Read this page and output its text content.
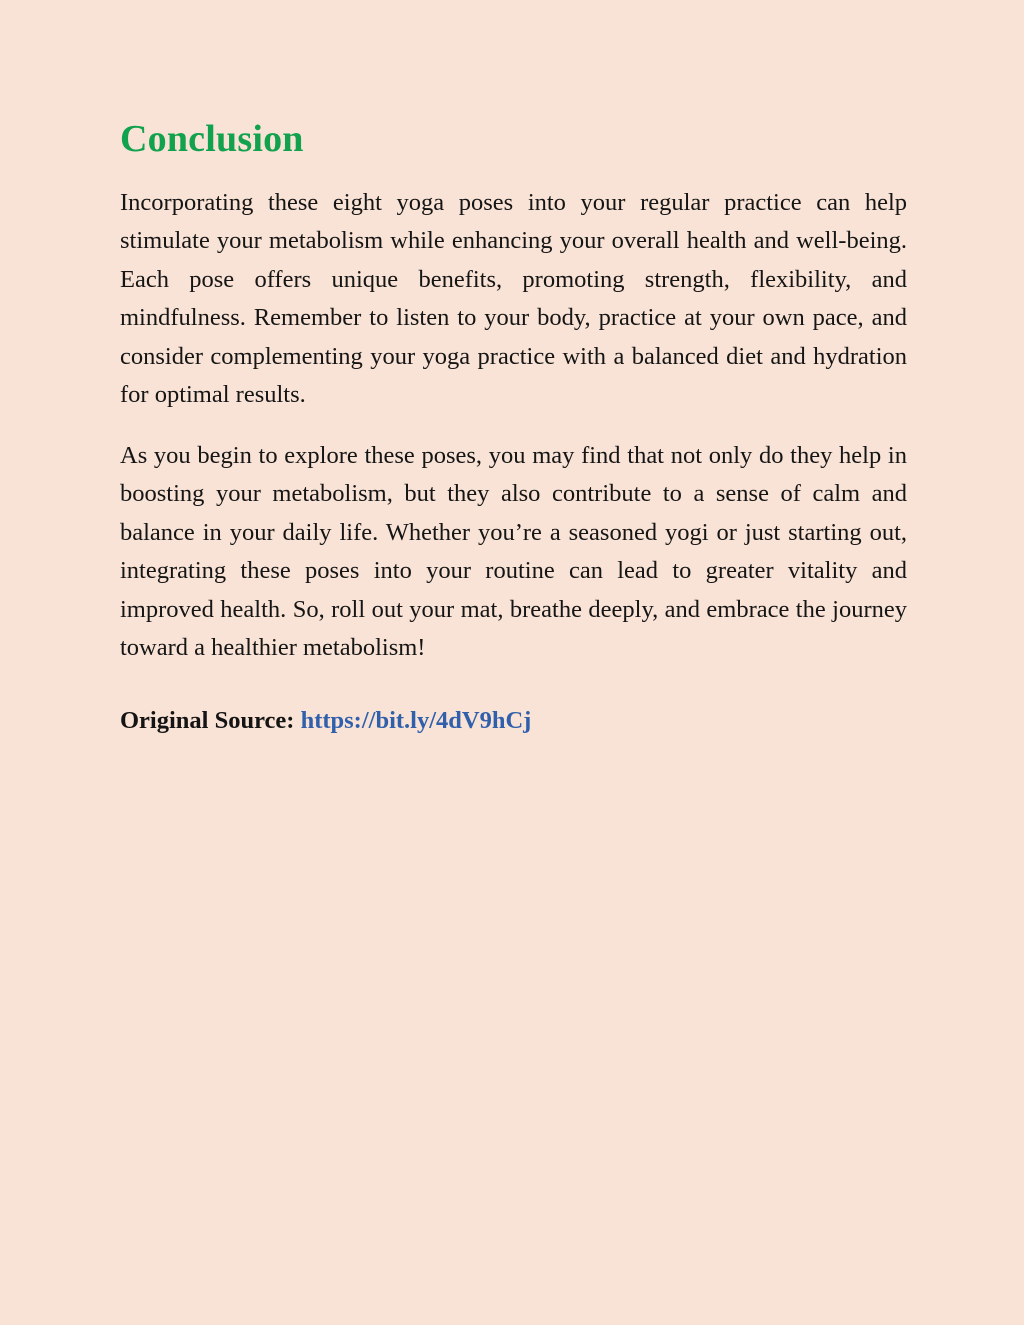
Conclusion

Incorporating these eight yoga poses into your regular practice can help stimulate your metabolism while enhancing your overall health and well-being. Each pose offers unique benefits, promoting strength, flexibility, and mindfulness. Remember to listen to your body, practice at your own pace, and consider complementing your yoga practice with a balanced diet and hydration for optimal results.

As you begin to explore these poses, you may find that not only do they help in boosting your metabolism, but they also contribute to a sense of calm and balance in your daily life. Whether you’re a seasoned yogi or just starting out, integrating these poses into your routine can lead to greater vitality and improved health. So, roll out your mat, breathe deeply, and embrace the journey toward a healthier metabolism!

Original Source: https://bit.ly/4dV9hCj
